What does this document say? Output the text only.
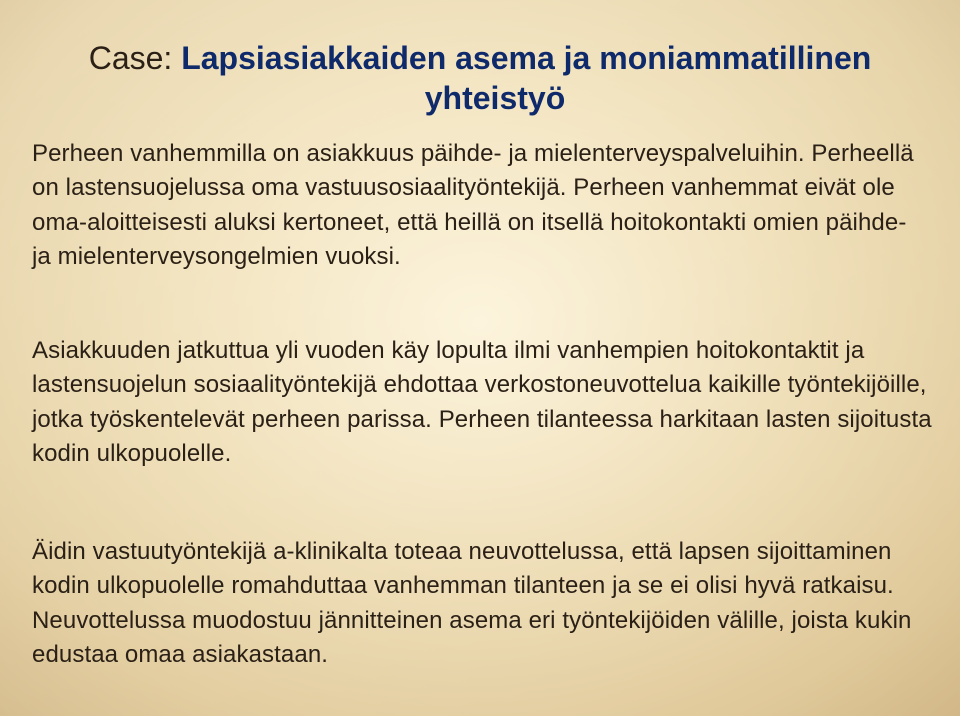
Case: Lapsiasiakkaiden asema ja moniammatillinen
yhteistyö

Perheen vanhemmilla on asiakkuus päihde- ja mielenterveyspalveluihin. Perheellä on lastensuojelussa oma vastuusosiaalityöntekijä. Perheen vanhemmat eivät ole oma-aloitteisesti aluksi kertoneet, että heillä on itsellä hoitokontakti omien päihde- ja mielenterveysongelmien vuoksi.

Asiakkuuden jatkuttua yli vuoden käy lopulta ilmi vanhempien hoitokontaktit ja lastensuojelun sosiaalityöntekijä ehdottaa verkostoneuvottelua kaikille työntekijöille, jotka työskentelevät perheen parissa. Perheen tilanteessa harkitaan lasten sijoitusta kodin ulkopuolelle.

Äidin vastuutyöntekijä a-klinikalta toteaa neuvottelussa, että lapsen sijoittaminen kodin ulkopuolelle romahduttaa vanhemman tilanteen ja se ei olisi hyvä ratkaisu. Neuvottelussa muodostuu jännitteinen asema eri työntekijöiden välille, joista kukin edustaa omaa asiakastaan.
